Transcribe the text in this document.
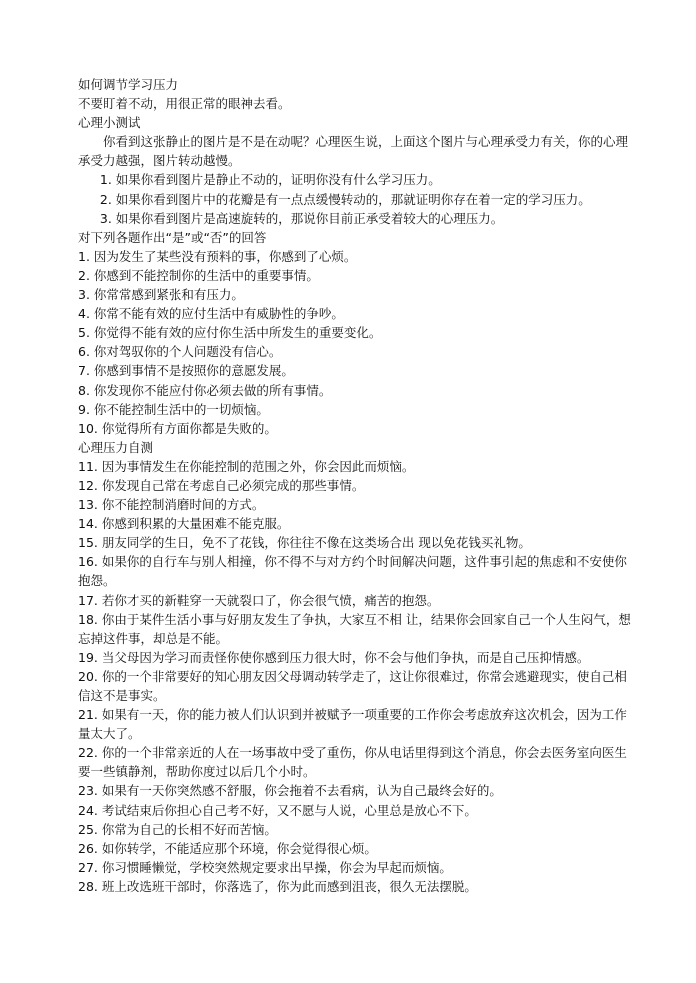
如何调节学习压力

不要盯着不动，用很正常的眼神去看。

心理小测试

你看到这张静止的图片是不是在动呢？心理医生说，上面这个图片与心理承受力有关，你的心理承受力越强，图片转动越慢。

1. 如果你看到图片是静止不动的，证明你没有什么学习压力。

2. 如果你看到图片中的花瓣是有一点点缓慢转动的，那就证明你存在着一定的学习压力。

3. 如果你看到图片是高速旋转的，那说你目前正承受着较大的心理压力。

对下列各题作出“是”或“否”的回答

1. 因为发生了某些没有预料的事，你感到了心烦。

2. 你感到不能控制你的生活中的重要事情。

3. 你常常感到紧张和有压力。

4. 你常不能有效的应付生活中有威胁性的争吵。

5. 你觉得不能有效的应付你生活中所发生的重要变化。

6. 你对驾驭你的个人问题没有信心。

7. 你感到事情不是按照你的意愿发展。

8. 你发现你不能应付你必须去做的所有事情。

9. 你不能控制生活中的一切烦恼。

10. 你觉得所有方面你都是失败的。

心理压力自测

11. 因为事情发生在你能控制的范围之外，你会因此而烦恼。

12. 你发现自己常在考虑自己必须完成的那些事情。

13. 你不能控制消磨时间的方式。

14. 你感到积累的大量困难不能克服。

15. 朋友同学的生日，免不了花钱，你往往不像在这类场合出 现以免花钱买礼物。

16. 如果你的自行车与别人相撞，你不得不与对方约个时间解决问题，这件事引起的焦虑和不安使你抱怨。

17. 若你才买的新鞋穿一天就裂口了，你会很气愤，痛苦的抱怨。

18. 你由于某件生活小事与好朋友发生了争执，大家互不相 让，结果你会回家自己一个人生闷气，想忘掉这件事，却总是不能。

19. 当父母因为学习而责怪你使你感到压力很大时，你不会与他们争执，而是自己压抑情感。

20. 你的一个非常要好的知心朋友因父母调动转学走了，这让你很难过，你常会逃避现实，使自己相信这不是事实。

21. 如果有一天，你的能力被人们认识到并被赋予一项重要的工作你会考虑放弃这次机会，因为工作量太大了。

22. 你的一个非常亲近的人在一场事故中受了重伤，你从电话里得到这个消息，你会去医务室向医生要一些镇静剂，帮助你度过以后几个小时。

23. 如果有一天你突然感不舒服，你会拖着不去看病，认为自己最终会好的。

24. 考试结束后你担心自己考不好，又不愿与人说，心里总是放心不下。

25. 你常为自己的长相不好而苦恼。

26. 如你转学，不能适应那个环境，你会觉得很心烦。

27. 你习惯睡懒觉，学校突然规定要求出早操，你会为早起而烦恼。

28. 班上改选班干部时，你落选了，你为此而感到沮丧，很久无法摆脱。
